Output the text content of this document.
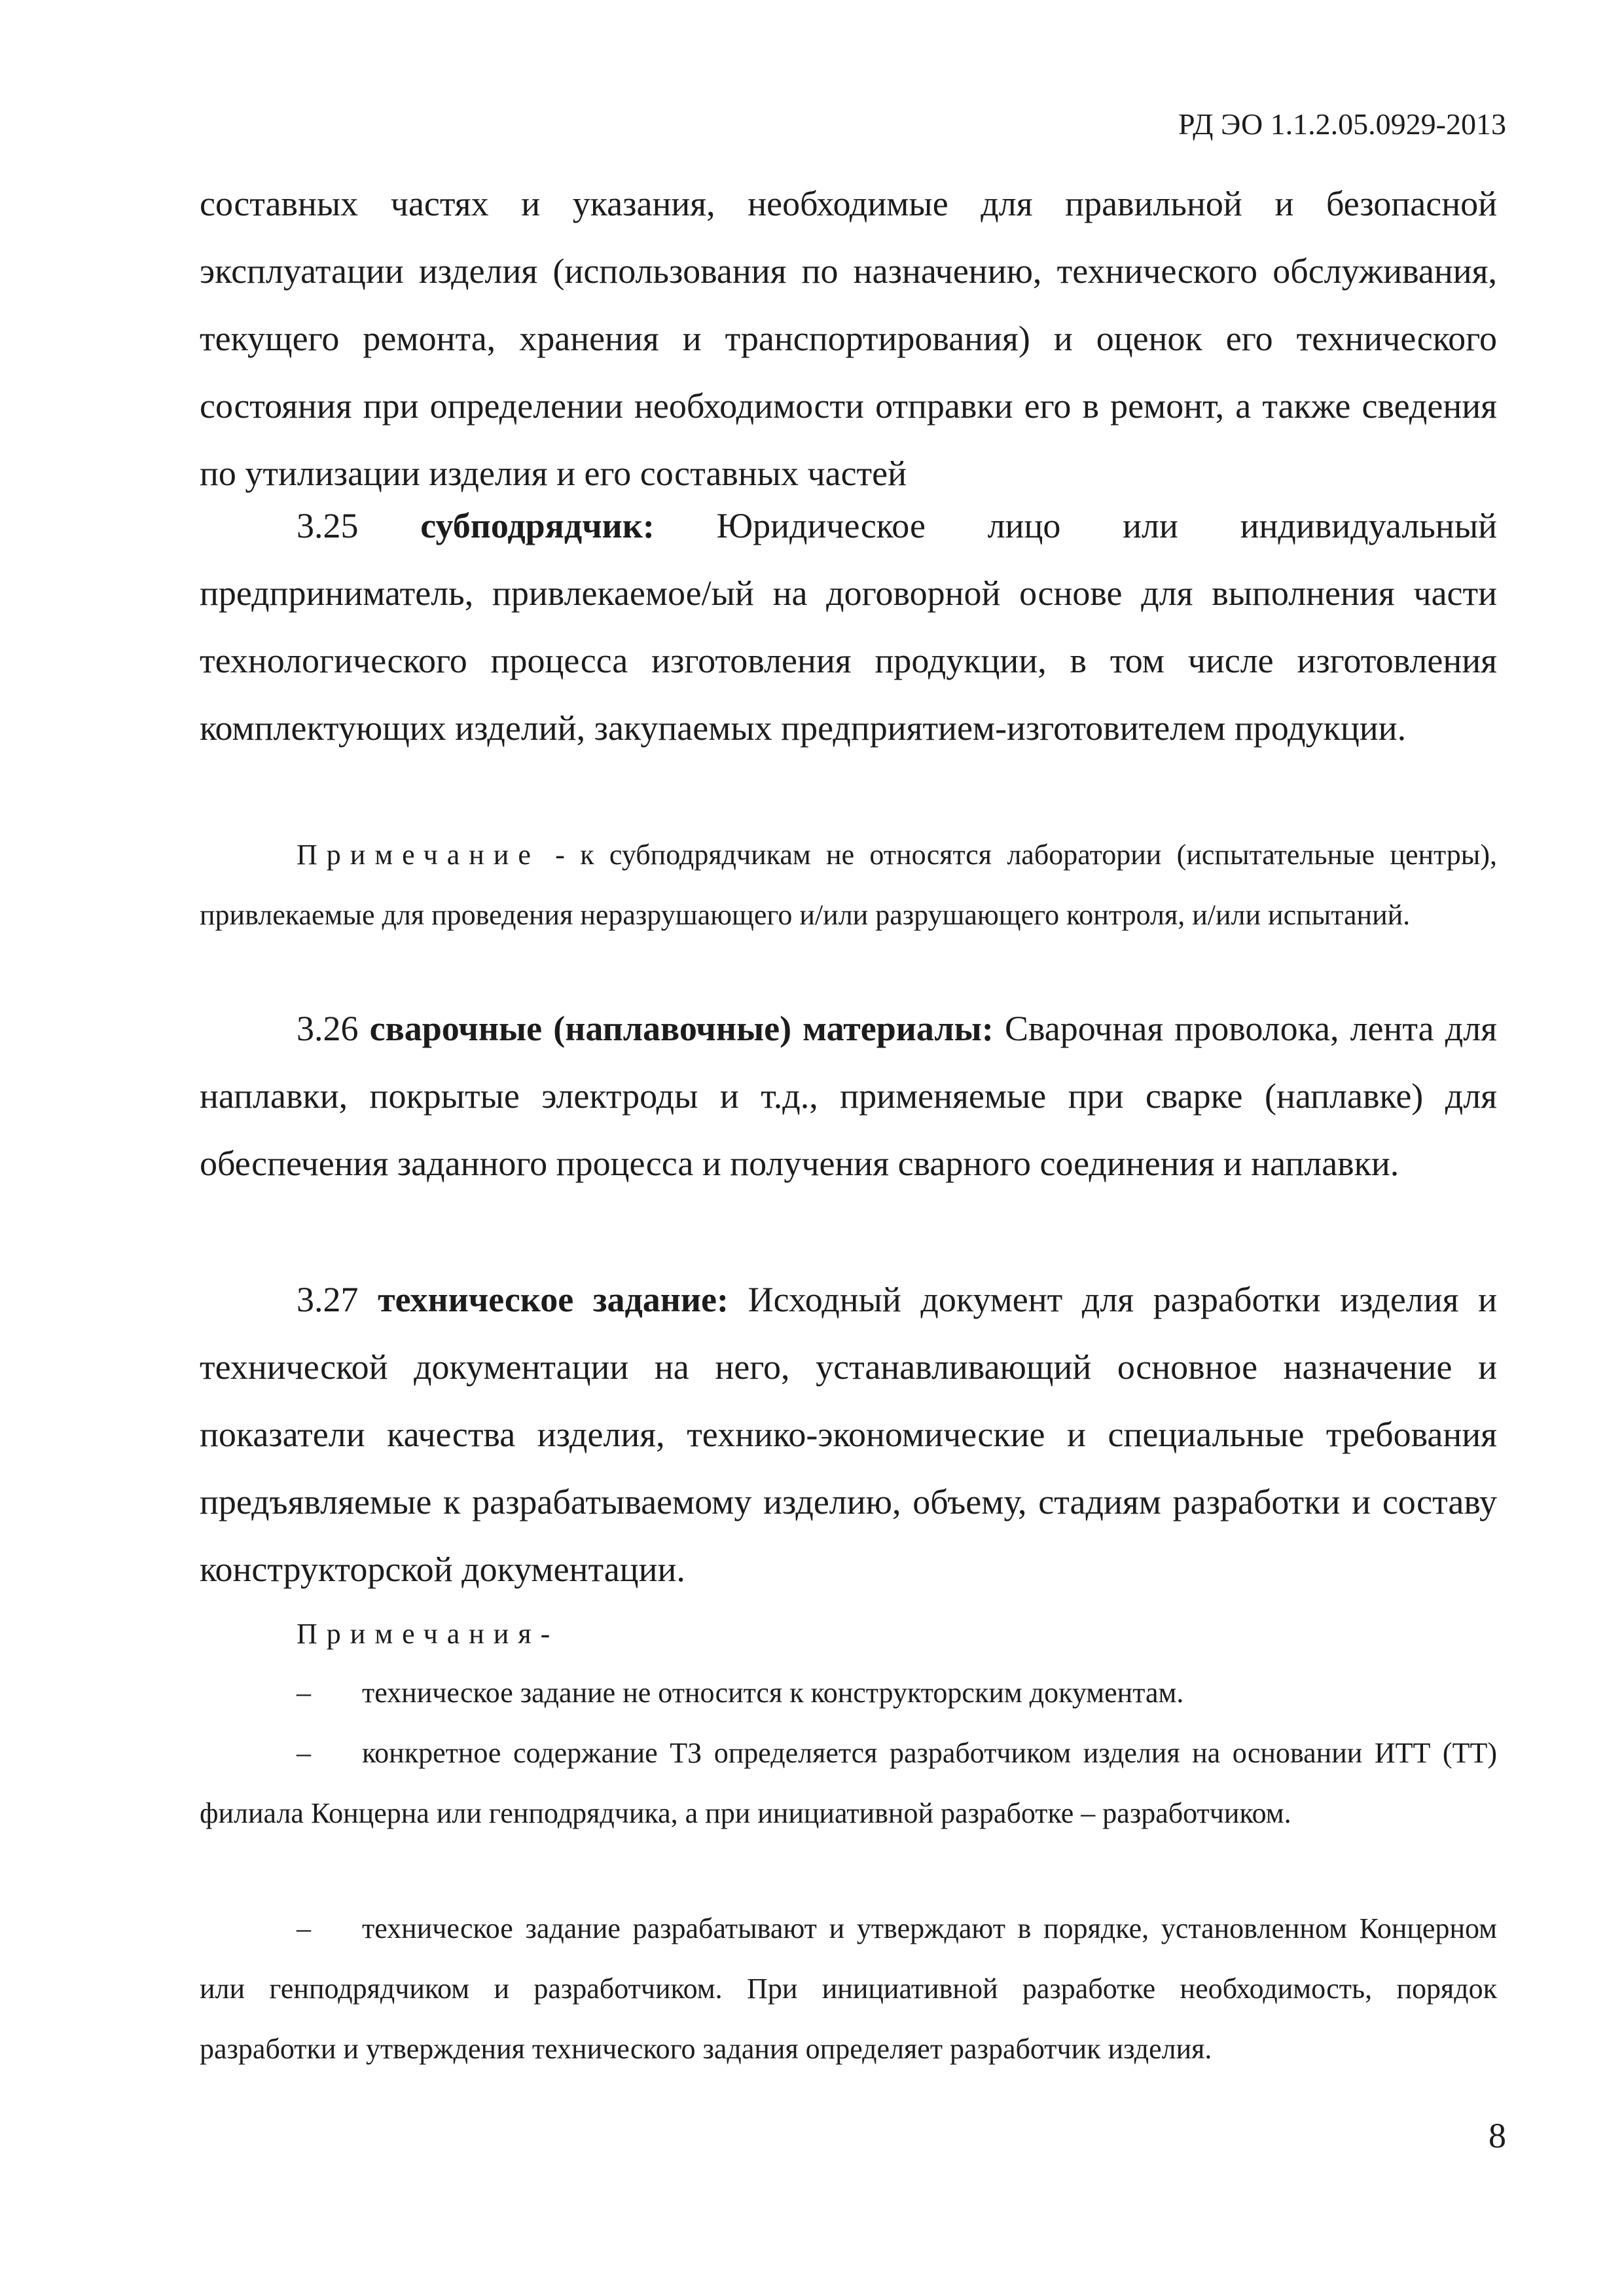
РД ЭО 1.1.2.05.0929-2013

составных частях и указания, необходимые для правильной и безопасной эксплуатации изделия (использования по назначению, технического обслуживания, текущего ремонта, хранения и транспортирования) и оценок его технического состояния при определении необходимости отправки его в ремонт, а также сведения по утилизации изделия и его составных частей

3.25 субподрядчик: Юридическое лицо или индивидуальный предприниматель, привлекаемое/ый на договорной основе для выполнения части технологического процесса изготовления продукции, в том числе изготовления комплектующих изделий, закупаемых предприятием-изготовителем продукции.

Примечание - к субподрядчикам не относятся лаборатории (испытательные центры), привлекаемые для проведения неразрушающего и/или разрушающего контроля, и/или испытаний.

3.26 сварочные (наплавочные) материалы: Сварочная проволока, лента для наплавки, покрытые электроды и т.д., применяемые при сварке (наплавке) для обеспечения заданного процесса и получения сварного соединения и наплавки.

3.27 техническое задание: Исходный документ для разработки изделия и технической документации на него, устанавливающий основное назначение и показатели качества изделия, технико-экономические и специальные требования предъявляемые к разрабатываемому изделию, объему, стадиям разработки и составу конструкторской документации.

Примечания-

– техническое задание не относится к конструкторским документам.

– конкретное содержание ТЗ определяется разработчиком изделия на основании ИТТ (ТТ) филиала Концерна или генподрядчика, а при инициативной разработке – разработчиком.

– техническое задание разрабатывают и утверждают в порядке, установленном Концерном или генподрядчиком и разработчиком. При инициативной разработке необходимость, порядок разработки и утверждения технического задания определяет разработчик изделия.

8
